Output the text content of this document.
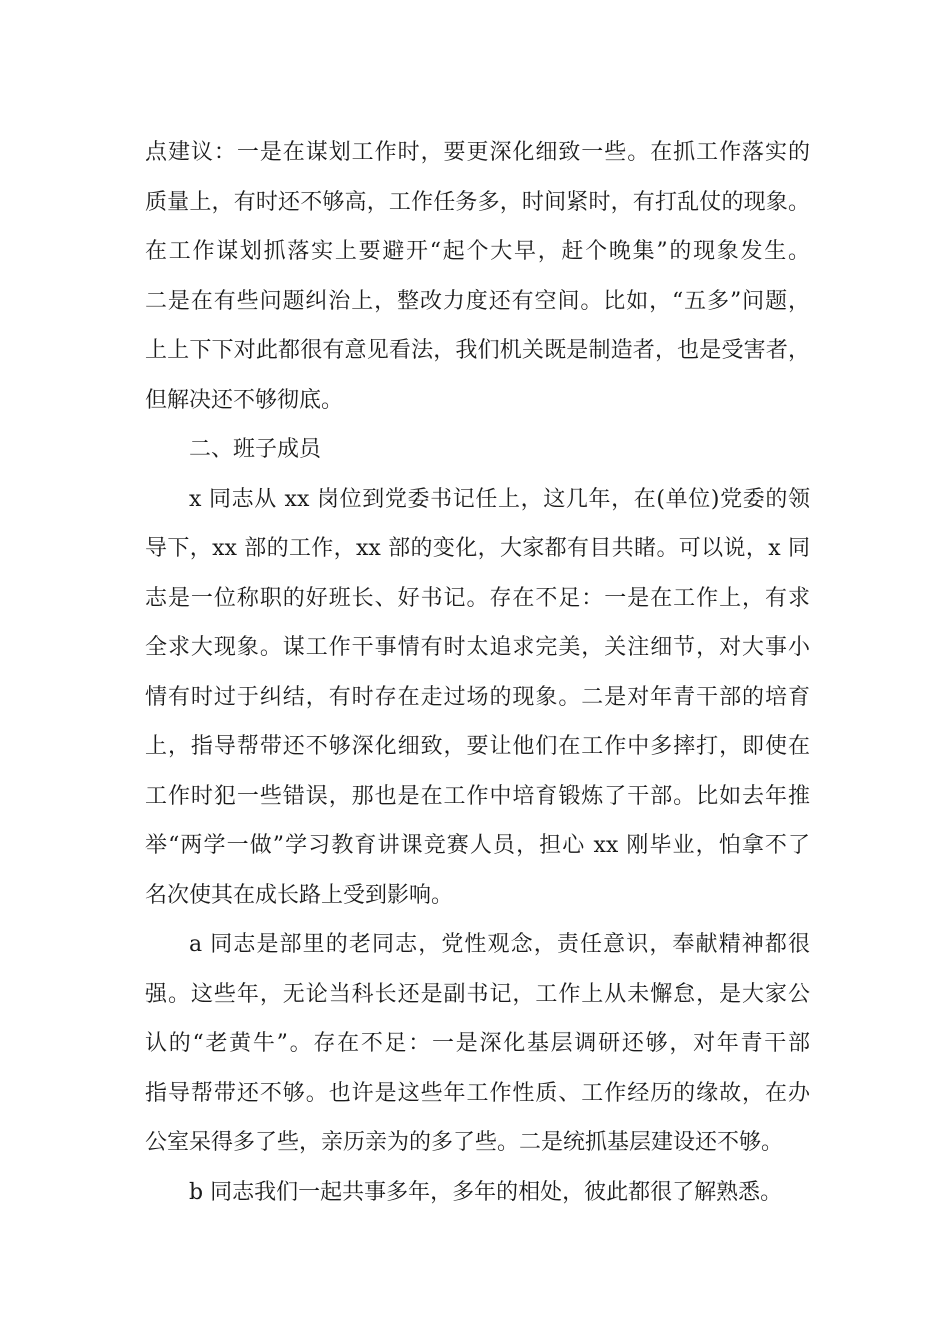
点建议：一是在谋划工作时，要更深化细致一些。在抓工作落实的
质量上，有时还不够高，工作任务多，时间紧时，有打乱仗的现象。
在工作谋划抓落实上要避开“起个大早，赶个晚集”的现象发生。
二是在有些问题纠治上，整改力度还有空间。比如，“五多”问题，
上上下下对此都很有意见看法，我们机关既是制造者，也是受害者，
但解决还不够彻底。
二、班子成员
x 同志从 xx 岗位到党委书记任上，这几年，在(单位)党委的领
导下，xx 部的工作，xx 部的变化，大家都有目共睹。可以说，x 同
志是一位称职的好班长、好书记。存在不足：一是在工作上，有求
全求大现象。谋工作干事情有时太追求完美，关注细节，对大事小
情有时过于纠结，有时存在走过场的现象。二是对年青干部的培育
上，指导帮带还不够深化细致，要让他们在工作中多摔打，即使在
工作时犯一些错误，那也是在工作中培育锻炼了干部。比如去年推
举“两学一做”学习教育讲课竞赛人员，担心 xx 刚毕业，怕拿不了
名次使其在成长路上受到影响。
a 同志是部里的老同志，党性观念，责任意识，奉献精神都很
强。这些年，无论当科长还是副书记，工作上从未懈怠，是大家公
认的“老黄牛”。存在不足：一是深化基层调研还够，对年青干部
指导帮带还不够。也许是这些年工作性质、工作经历的缘故，在办
公室呆得多了些，亲历亲为的多了些。二是统抓基层建设还不够。
b 同志我们一起共事多年，多年的相处，彼此都很了解熟悉。
